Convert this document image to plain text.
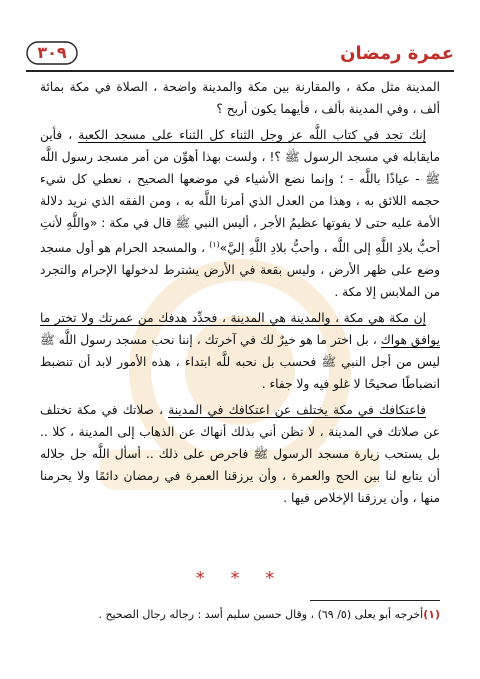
عمرة رمضان
٣٠٩

المدينة مثل مكة ، والمقارنة بين مكة والمدينة واضحة ، الصلاة في مكة بمائة ألف ، وفي المدينة بألف ، فأيهما يكون أربح ؟

إنك تجد في كتاب اللَّه عز وجل الثناء كل الثناء على مسجد الكعبة ، فأين مايقابله في مسجد الرسول ﷺ ؟! ، ولست بهذا أهوِّن من أمر مسجد رسول اللَّه ﷺ - عياذًا باللَّه - ؛ وإنما نضع الأشياء في موضعها الصحيح ، نعطي كل شيء حجمه اللائق به ، وهذا من العدل الذي أمرنا اللَّه به ، ومن الفقه الذي نريد دلالة الأمة عليه حتى لا يفوتها عظيمُ الأجر ، أليس النبي ﷺ قال في مكة : «واللَّهِ لأنتِ أحبُّ بلادِ اللَّهِ إلى اللَّه ، وأحبُّ بلادِ اللَّهِ إليَّ»$^{(١)}$ ، والمسجد الحرام هو أول مسجد وضع على ظهر الأرض ، وليس بقعة في الأرض يشترط لدخولها الإحرام والتجرد من الملابس إلا مكة .

إن مكة هي مكة ، والمدينة هي المدينة ، فحدِّد هدفك من عمرتك ولا تختر ما يوافق هواك ، بل اختر ما هو خيرٌ لك في آخرتك ، إننا نحب مسجد رسول اللَّه ﷺ ليس من أجل النبي ﷺ فحسب بل نحبه للَّه ابتداء ، هذه الأمور لابد أن تنضبط انضباطًا صحيحًا لا غلو فيه ولا جفاء .

فاعتكافك في مكة يختلف عن اعتكافك في المدينة ، صلاتك في مكة تختلف عن صلاتك في المدينة ، لا تظن أني بذلك أنهاك عن الذهاب إلى المدينة ، كلا .. بل يستحب زيارة مسجد الرسول ﷺ فاحرص على ذلك .. أسأل اللَّه جل جلاله أن يتابع لنا بين الحج والعمرة ، وأن يرزقنا العمرة في رمضان دائمًا ولا يحرمنا منها ، وأن يرزقنا الإخلاص فيها .

* * *
(١)أخرجه أبو يعلى (٥/ ٦٩) ، وقال حسين سليم أسد : رجاله رجال الصحيح .
